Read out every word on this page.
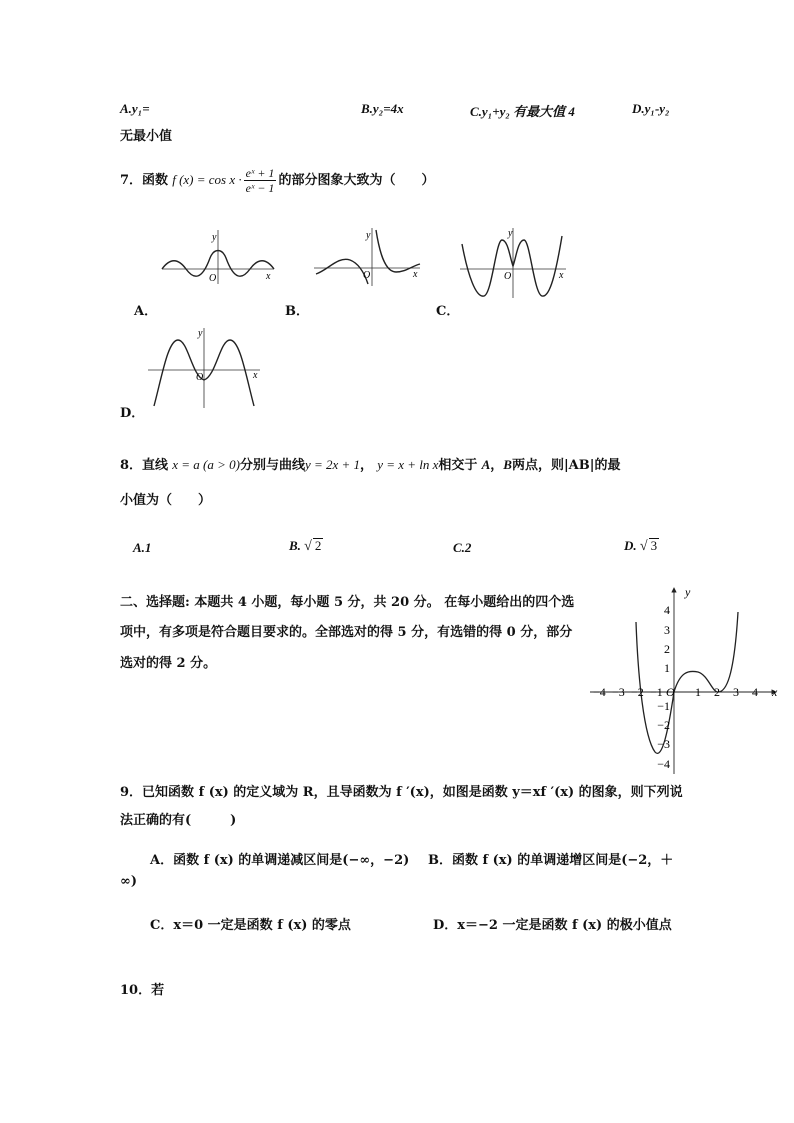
A.y₁=	B.y₂=4x	C.y₁+y₂ 有最大值 4	D.y₁-y₂
无最小值
7．函数 f $(x) = \cos x \cdot \frac{\text{eˣ + 1}}{\text{eˣ − 1}}$ 的部分图象大致为（　　）
y
x
O
A．
y
x
O
B．
y
x
O
C．
y
x
O
D．
8．直线 x = a (a > 0)分别与曲线y = 2x + 1， y = x + ln x相交于 A，B两点，则|AB|的最
小值为（　　）
A.1	B. √ 2	C.2	D. √ 3
二、选择题: 本题共 4 小题，每小题 5 分，共 20 分。 在每小题给出的四个选
项中，有多项是符合题目要求的。全部选对的得 5 分，有选错的得 0 分，部分
选对的得 2 分。
y
x
−4 −3 −2 −1 O 1 2 3 4
4
3
2
1
−1
−2
−3
−4
9．已知函数 f (x) 的定义域为 R，且导函数为 f ′(x)，如图是函数 y＝xf ′(x) 的图象，则下列说
法正确的有(　　　)
A．函数 f (x) 的单调递减区间是(−∞，−2) B．函数 f (x) 的单调递增区间是(−2，＋
∞)
C．x＝0 一定是函数 f (x) 的零点	D．x＝−2 一定是函数 f (x) 的极小值点
10．若
